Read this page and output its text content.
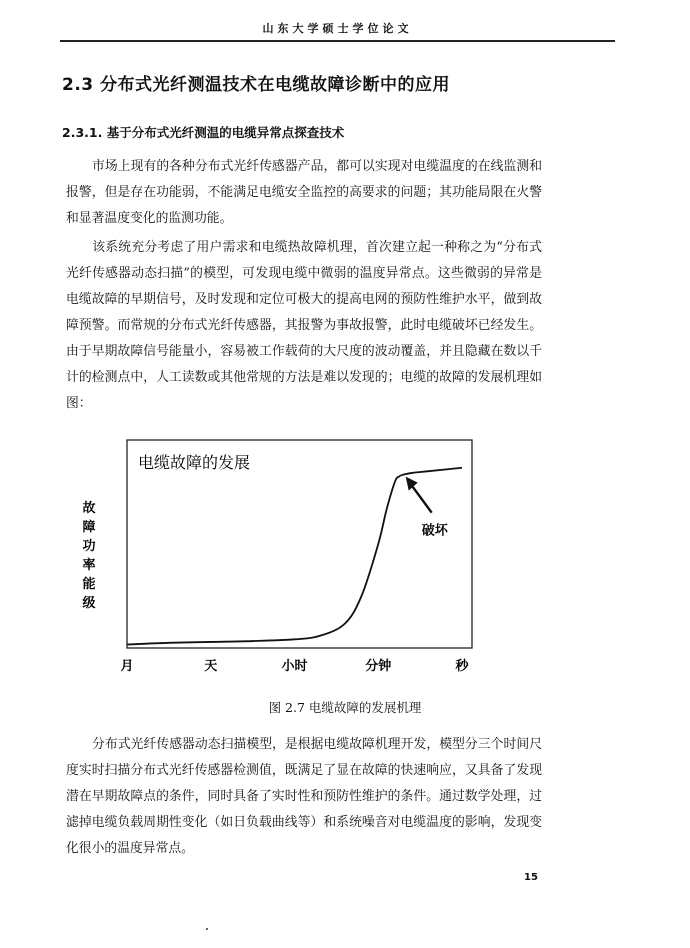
山东大学硕士学位论文
2.3 分布式光纤测温技术在电缆故障诊断中的应用
2.3.1. 基于分布式光纤测温的电缆异常点探查技术
市场上现有的各种分布式光纤传感器产品，都可以实现对电缆温度的在线监测和报警，但是存在功能弱，不能满足电缆安全监控的高要求的问题；其功能局限在火警和显著温度变化的监测功能。
该系统充分考虑了用户需求和电缆热故障机理，首次建立起一种称之为“分布式光纤传感器动态扫描”的模型，可发现电缆中微弱的温度异常点。这些微弱的异常是电缆故障的早期信号，及时发现和定位可极大的提高电网的预防性维护水平，做到故障预警。而常规的分布式光纤传感器，其报警为事故报警，此时电缆破坏已经发生。由于早期故障信号能量小，容易被工作载荷的大尺度的波动覆盖，并且隐藏在数以千计的检测点中，人工读数或其他常规的方法是难以发现的；电缆的故障的发展机理如图：
电缆故障的发展
故
障
功
率
能
级
月	天	小时	分钟	秒
破坏
图 2.7 电缆故障的发展机理
分布式光纤传感器动态扫描模型，是根据电缆故障机理开发，模型分三个时间尺度实时扫描分布式光纤传感器检测值，既满足了显在故障的快速响应，又具备了发现潜在早期故障点的条件，同时具备了实时性和预防性维护的条件。通过数学处理，过滤掉电缆负载周期性变化（如日负载曲线等）和系统噪音对电缆温度的影响，发现变化很小的温度异常点。
15
